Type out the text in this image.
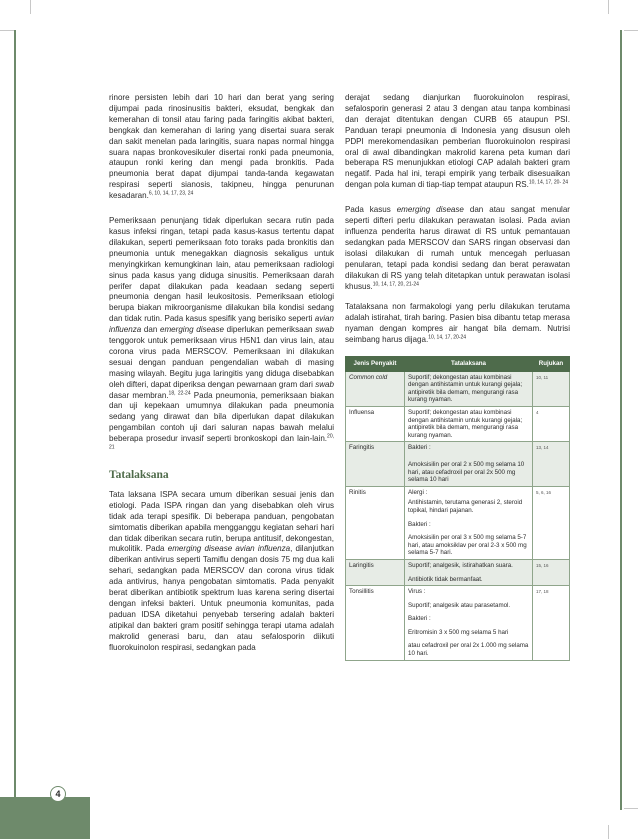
4

rinore persisten lebih dari 10 hari dan berat yang sering dijumpai pada rinosinusitis bakteri, eksudat, bengkak dan kemerahan di tonsil atau faring pada faringitis akibat bakteri, bengkak dan kemerahan di laring yang disertai suara serak dan sakit menelan pada laringitis, suara napas normal hingga suara napas bronkovesikuler disertai ronki pada pneumonia, ataupun ronki kering dan mengi pada bronkitis. Pada pneumonia berat dapat dijumpai tanda-tanda kegawatan respirasi seperti sianosis, takipneu, hingga penurunan kesadaran.$^{6, 10, 14, 17, 23, 24}$

Pemeriksaan penunjang tidak diperlukan secara rutin pada kasus infeksi ringan, tetapi pada kasus-kasus tertentu dapat dilakukan, seperti pemeriksaan foto toraks pada bronkitis dan pneumonia untuk menegakkan diagnosis sekaligus untuk menyingkirkan kemungkinan lain, atau pemeriksaan radiologi sinus pada kasus yang diduga sinusitis. Pemeriksaan darah perifer dapat dilakukan pada keadaan sedang seperti pneumonia dengan hasil leukositosis. Pemeriksaan etiologi berupa biakan mikroorganisme dilakukan bila kondisi sedang dan tidak rutin. Pada kasus spesifik yang berisiko seperti avian influenza dan emerging disease diperlukan pemeriksaan swab tenggorok untuk pemeriksaan virus H5N1 dan virus lain, atau corona virus pada MERSCOV. Pemeriksaan ini dilakukan sesuai dengan panduan pengendalian wabah di masing masing wilayah. Begitu juga laringitis yang diduga disebabkan oleh difteri, dapat diperiksa dengan pewarnaan gram dari swab dasar membran.$^{18, 22-24}$ Pada pneumonia, pemeriksaan biakan dan uji kepekaan umumnya dilakukan pada pneumonia sedang yang dirawat dan bila diperlukan dapat dilakukan pengambilan contoh uji dari saluran napas bawah melalui beberapa prosedur invasif seperti bronkoskopi dan lain-lain.$^{20, 21}$

Tatalaksana

Tata laksana ISPA secara umum diberikan sesuai jenis dan etiologi. Pada ISPA ringan dan yang disebabkan oleh virus tidak ada terapi spesifik. Di beberapa panduan, pengobatan simtomatis diberikan apabila mengganggu kegiatan sehari hari dan tidak diberikan secara rutin, berupa antitusif, dekongestan, mukolitik. Pada emerging disease avian influenza, dilanjutkan diberikan antivirus seperti Tamiflu dengan dosis 75 mg dua kali sehari, sedangkan pada MERSCOV dan corona virus tidak ada antivirus, hanya pengobatan simtomatis. Pada penyakit berat diberikan antibiotik spektrum luas karena sering disertai dengan infeksi bakteri. Untuk pneumonia komunitas, pada paduan IDSA diketahui penyebab tersering adalah bakteri atipikal dan bakteri gram positif sehingga terapi utama adalah makrolid generasi baru, dan atau sefalosporin diikuti fluorokuinolon respirasi, sedangkan pada

derajat sedang dianjurkan fluorokuinolon respirasi, sefalosporin generasi 2 atau 3 dengan atau tanpa kombinasi dan derajat ditentukan dengan CURB 65 ataupun PSI. Panduan terapi pneumonia di Indonesia yang disusun oleh PDPI merekomendasikan pemberian fluorokuinolon respirasi oral di awal dibandingkan makrolid karena peta kuman dari beberapa RS menunjukkan etiologi CAP adalah bakteri gram negatif. Pada hal ini, terapi empirik yang terbaik disesuaikan dengan pola kuman di tiap-tiap tempat ataupun RS.$^{10, 14, 17, 20- 24}$

Pada kasus emerging disease dan atau sangat menular seperti difteri perlu dilakukan perawatan isolasi. Pada avian influenza penderita harus dirawat di RS untuk pemantauan sedangkan pada MERSCOV dan SARS ringan observasi dan isolasi dilakukan di rumah untuk mencegah perluasan penularan, tetapi pada kondisi sedang dan berat perawatan dilakukan di RS yang telah ditetapkan untuk perawatan isolasi khusus.$^{10, 14, 17, 20, 21-24}$

Tatalaksana non farmakologi yang perlu dilakukan terutama adalah istirahat, tirah baring. Pasien bisa dibantu tetap merasa nyaman dengan kompres air hangat bila demam. Nutrisi seimbang harus dijaga.$^{10, 14, 17, 20-24}$

Jenis Penyakit	Tatalaksana	Rujukan
Common cold	Suportif; dekongestan atau kombinasi dengan antihistamin untuk kurangi gejala; antipiretik bila demam, mengurangi rasa kurang nyaman.	10, 11
Influensa	Suportif; dekongestan atau kombinasi dengan antihistamin untuk kurangi gejala; antipiretik bila demam, mengurangi rasa kurang nyaman.	4
Faringitis	Bakteri :
Amoksisilin per oral 2 x 500 mg selama 10 hari, atau cefadroxil per oral 2x 500 mg selama 10 hari	13, 14
Rinitis	Alergi :
Antihistamin, terutama generasi 2, steroid topikal, hindari pajanan.
Bakteri :
Amoksisilin per oral 3 x 500 mg selama 5-7 hari, atau amoksiklav per oral 2-3 x 500 mg selama 5-7 hari.	5, 6, 16
Laringitis	Suportif; analgesik, istirahatkan suara.
Antibiotik tidak bermanfaat.	15, 16
Tonsillitis	Virus :
Suportif; analgesik atau parasetamol.
Bakteri :
Eritromisin 3 x 500 mg selama 5 hari
atau cefadroxil per oral 2x 1.000 mg selama 10 hari.	17, 18
